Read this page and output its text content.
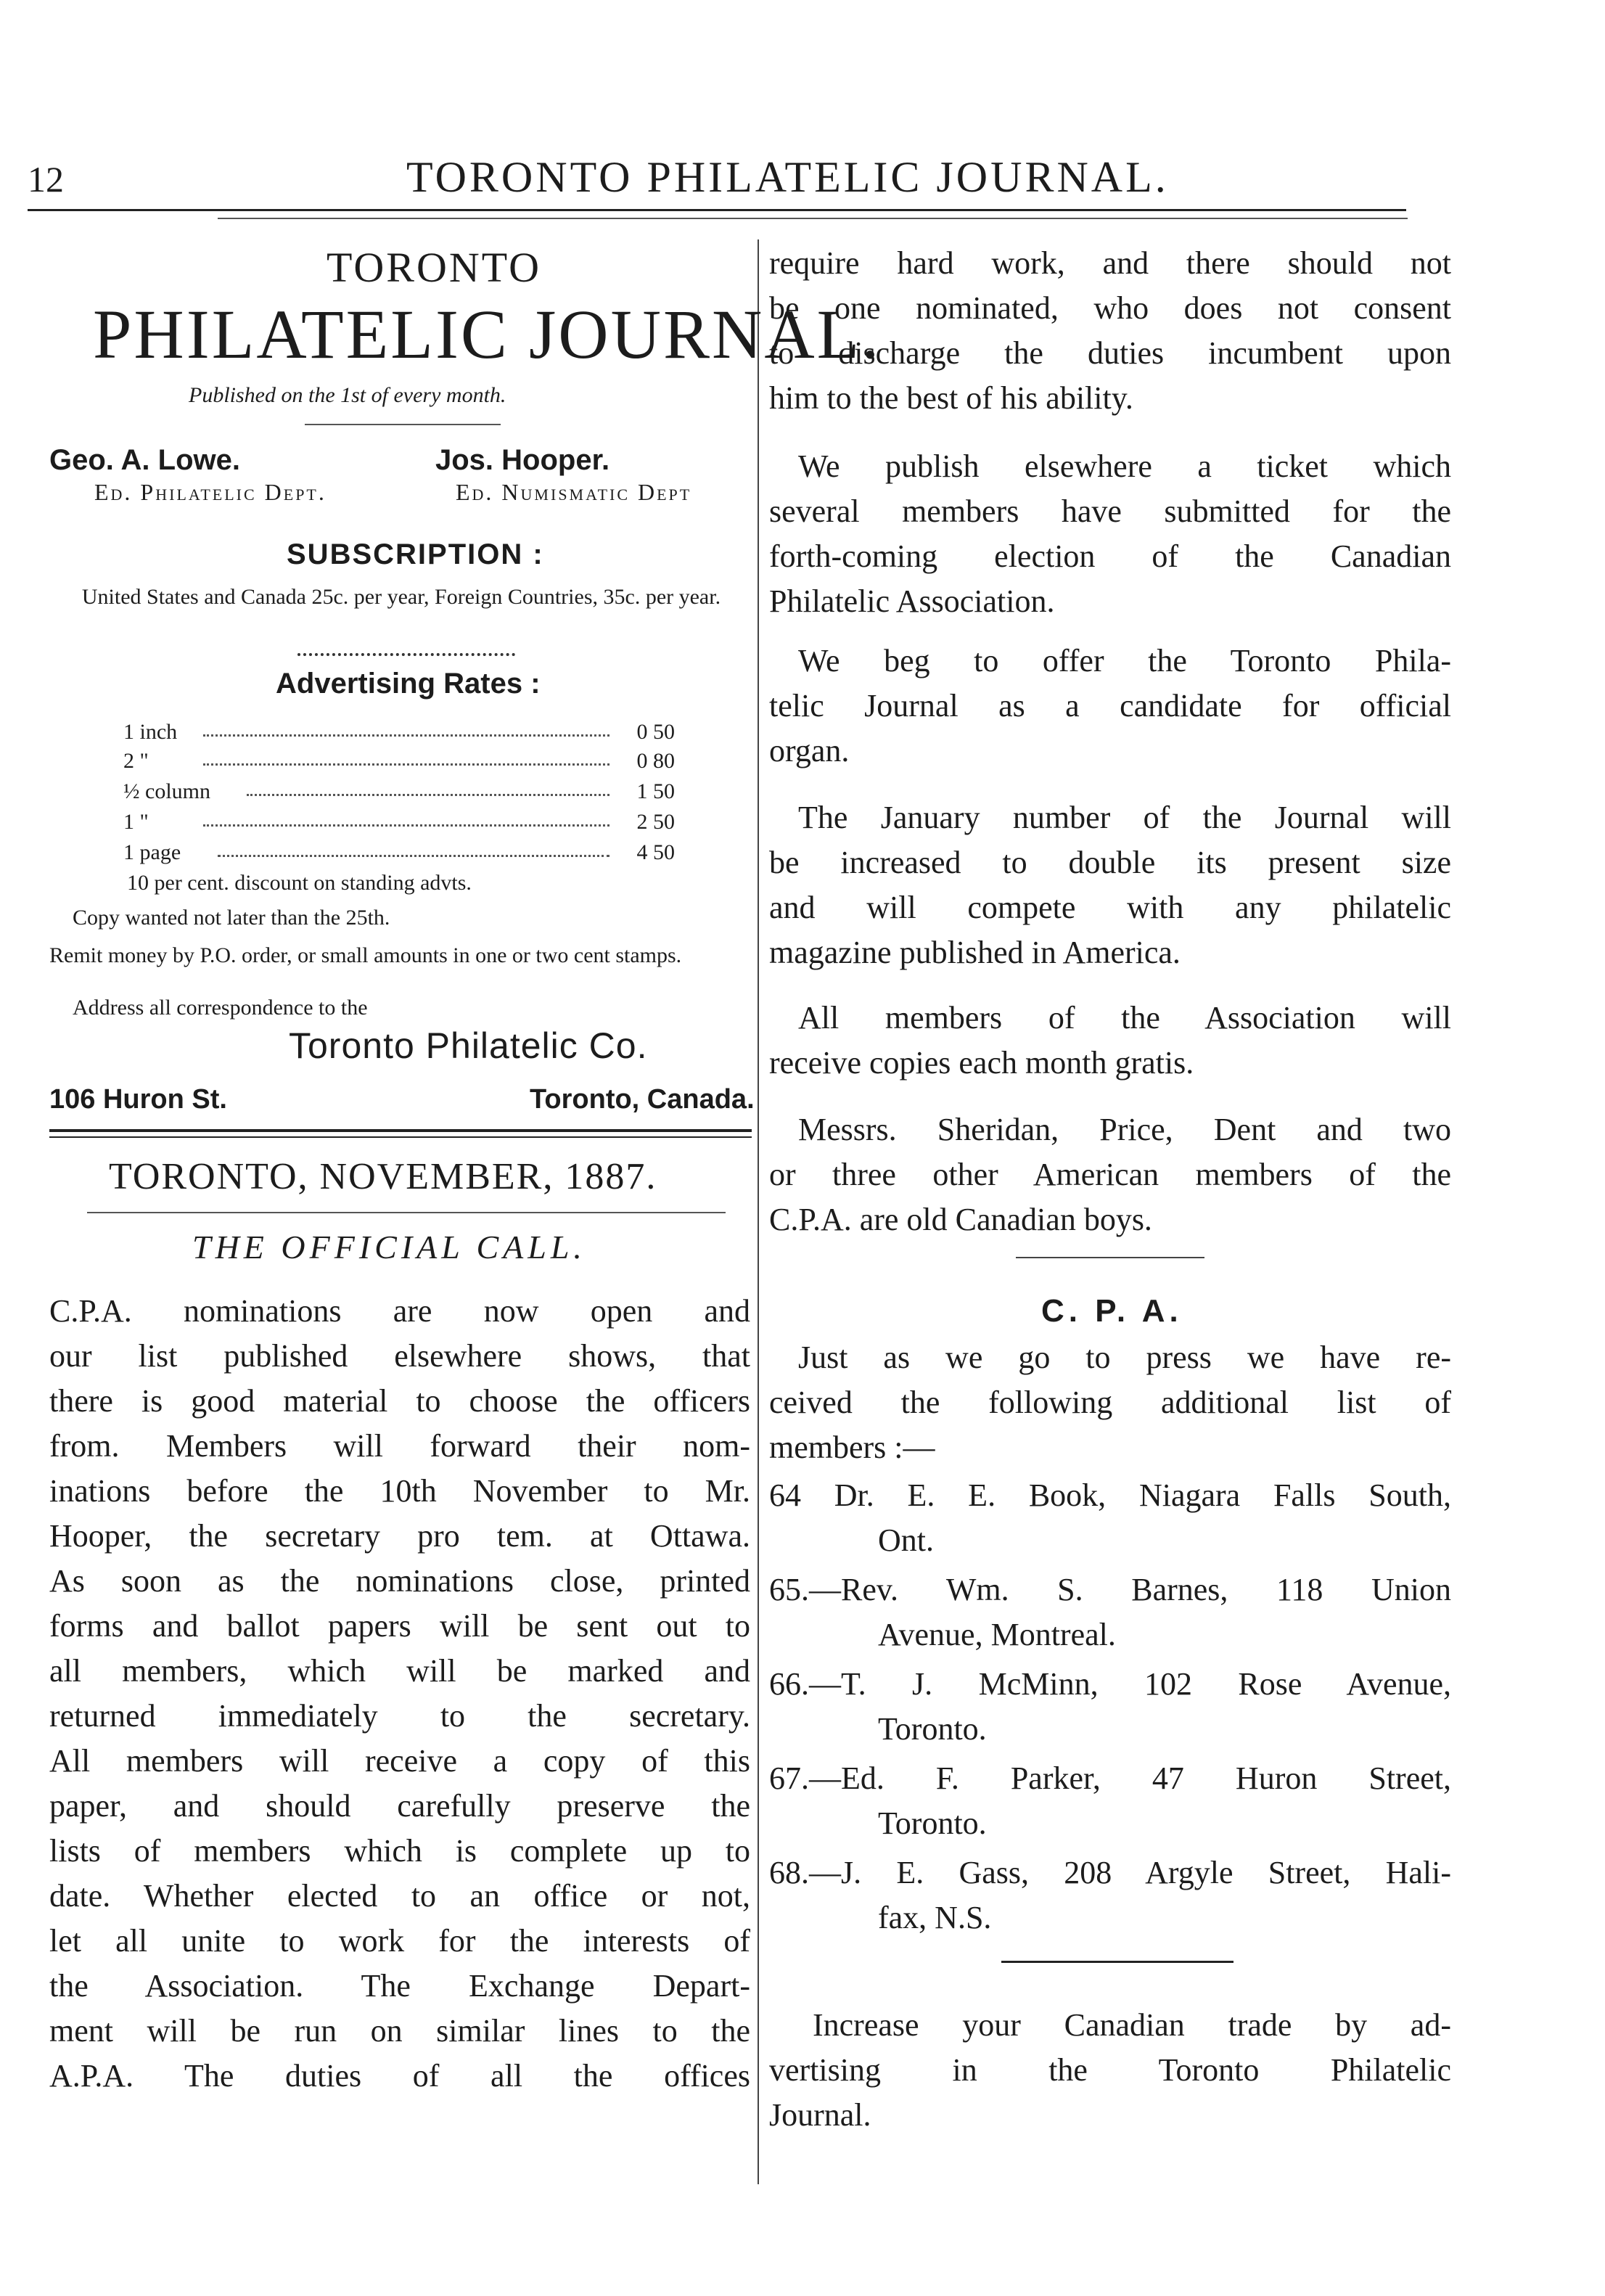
12	TORONTO PHILATELIC JOURNAL.
TORONTO
PHILATELIC JOURNAL.
Published on the 1st of every month.
Geo. A. Lowe.
Ed. Philatelic Dept.
Jos. Hooper.
Ed. Numismatic Dept
SUBSCRIPTION :
United States and Canada 25c. per year, Foreign Countries, 35c. per year.
Advertising Rates :
1 inch	0 50
2 "	0 80
½ column	1 50
1 "	2 50
1 page	4 50
10 per cent. discount on standing advts.
Copy wanted not later than the 25th.
Remit money by P.O. order, or small amounts in one or two cent stamps.
Address all correspondence to the
Toronto Philatelic Co.
106 Huron St.	Toronto, Canada.
TORONTO, NOVEMBER, 1887.
THE OFFICIAL CALL.
C.P.A. nominations are now open and
our list published elsewhere shows, that
there is good material to choose the officers
from. Members will forward their nom-
inations before the 10th November to Mr.
Hooper, the secretary pro tem. at Ottawa.
As soon as the nominations close, printed
forms and ballot papers will be sent out to
all members, which will be marked and
returned immediately to the secretary.
All members will receive a copy of this
paper, and should carefully preserve the
lists of members which is complete up to
date. Whether elected to an office or not,
let all unite to work for the interests of
the Association. The Exchange Depart-
ment will be run on similar lines to the
A.P.A. The duties of all the offices
require hard work, and there should not
be one nominated, who does not consent
to discharge the duties incumbent upon
him to the best of his ability.
We publish elsewhere a ticket which
several members have submitted for the
forth-coming election of the Canadian
Philatelic Association.
We beg to offer the Toronto Phila-
telic Journal as a candidate for official
organ.
The January number of the Journal will
be increased to double its present size
and will compete with any philatelic
magazine published in America.
All members of the Association will
receive copies each month gratis.
Messrs. Sheridan, Price, Dent and two
or three other American members of the
C.P.A. are old Canadian boys.
C. P. A.
Just as we go to press we have re-
ceived the following additional list of
members :—
64 Dr. E. E. Book, Niagara Falls South,
Ont.
65.—Rev. Wm. S. Barnes, 118 Union
Avenue, Montreal.
66.—T. J. McMinn, 102 Rose Avenue,
Toronto.
67.—Ed. F. Parker, 47 Huron Street,
Toronto.
68.—J. E. Gass, 208 Argyle Street, Hali-
fax, N.S.
Increase your Canadian trade by ad-
vertising in the Toronto Philatelic
Journal.
